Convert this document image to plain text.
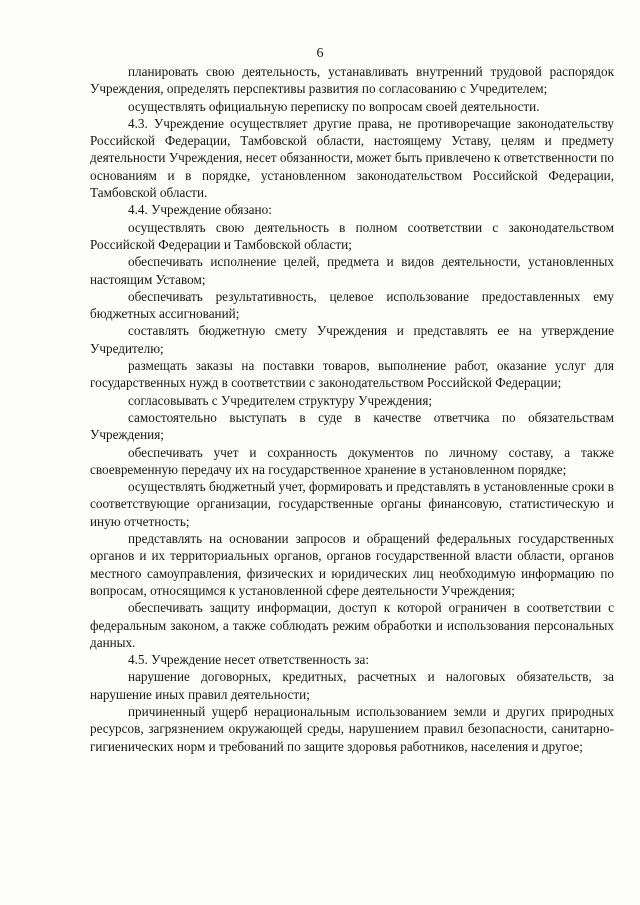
6

планировать свою деятельность, устанавливать внутренний трудовой распорядок Учреждения, определять перспективы развития по согласованию с Учредителем;

осуществлять официальную переписку по вопросам своей деятельности.

4.3. Учреждение осуществляет другие права, не противоречащие законодательству Российской Федерации, Тамбовской области, настоящему Уставу, целям и предмету деятельности Учреждения, несет обязанности, может быть привлечено к ответственности по основаниям и в порядке, установленном законодательством Российской Федерации, Тамбовской области.

4.4. Учреждение обязано:

осуществлять свою деятельность в полном соответствии с законодательством Российской Федерации и Тамбовской области;

обеспечивать исполнение целей, предмета и видов деятельности, установленных настоящим Уставом;

обеспечивать результативность, целевое использование предоставленных ему бюджетных ассигнований;

составлять бюджетную смету Учреждения и представлять ее на утверждение Учредителю;

размещать заказы на поставки товаров, выполнение работ, оказание услуг для государственных нужд в соответствии с законодательством Российской Федерации;

согласовывать с Учредителем структуру Учреждения;

самостоятельно выступать в суде в качестве ответчика по обязательствам Учреждения;

обеспечивать учет и сохранность документов по личному составу, а также своевременную передачу их на государственное хранение в установленном порядке;

осуществлять бюджетный учет, формировать и представлять в установленные сроки в соответствующие организации, государственные органы финансовую, статистическую и иную отчетность;

представлять на основании запросов и обращений федеральных государственных органов и их территориальных органов, органов государственной власти области, органов местного самоуправления, физических и юридических лиц необходимую информацию по вопросам, относящимся к установленной сфере деятельности Учреждения;

обеспечивать защиту информации, доступ к которой ограничен в соответствии с федеральным законом, а также соблюдать режим обработки и использования персональных данных.

4.5. Учреждение несет ответственность за:

нарушение договорных, кредитных, расчетных и налоговых обязательств, за нарушение иных правил деятельности;

причиненный ущерб нерациональным использованием земли и других природных ресурсов, загрязнением окружающей среды, нарушением правил безопасности, санитарно-гигиенических норм и требований по защите здоровья работников, населения и другое;
